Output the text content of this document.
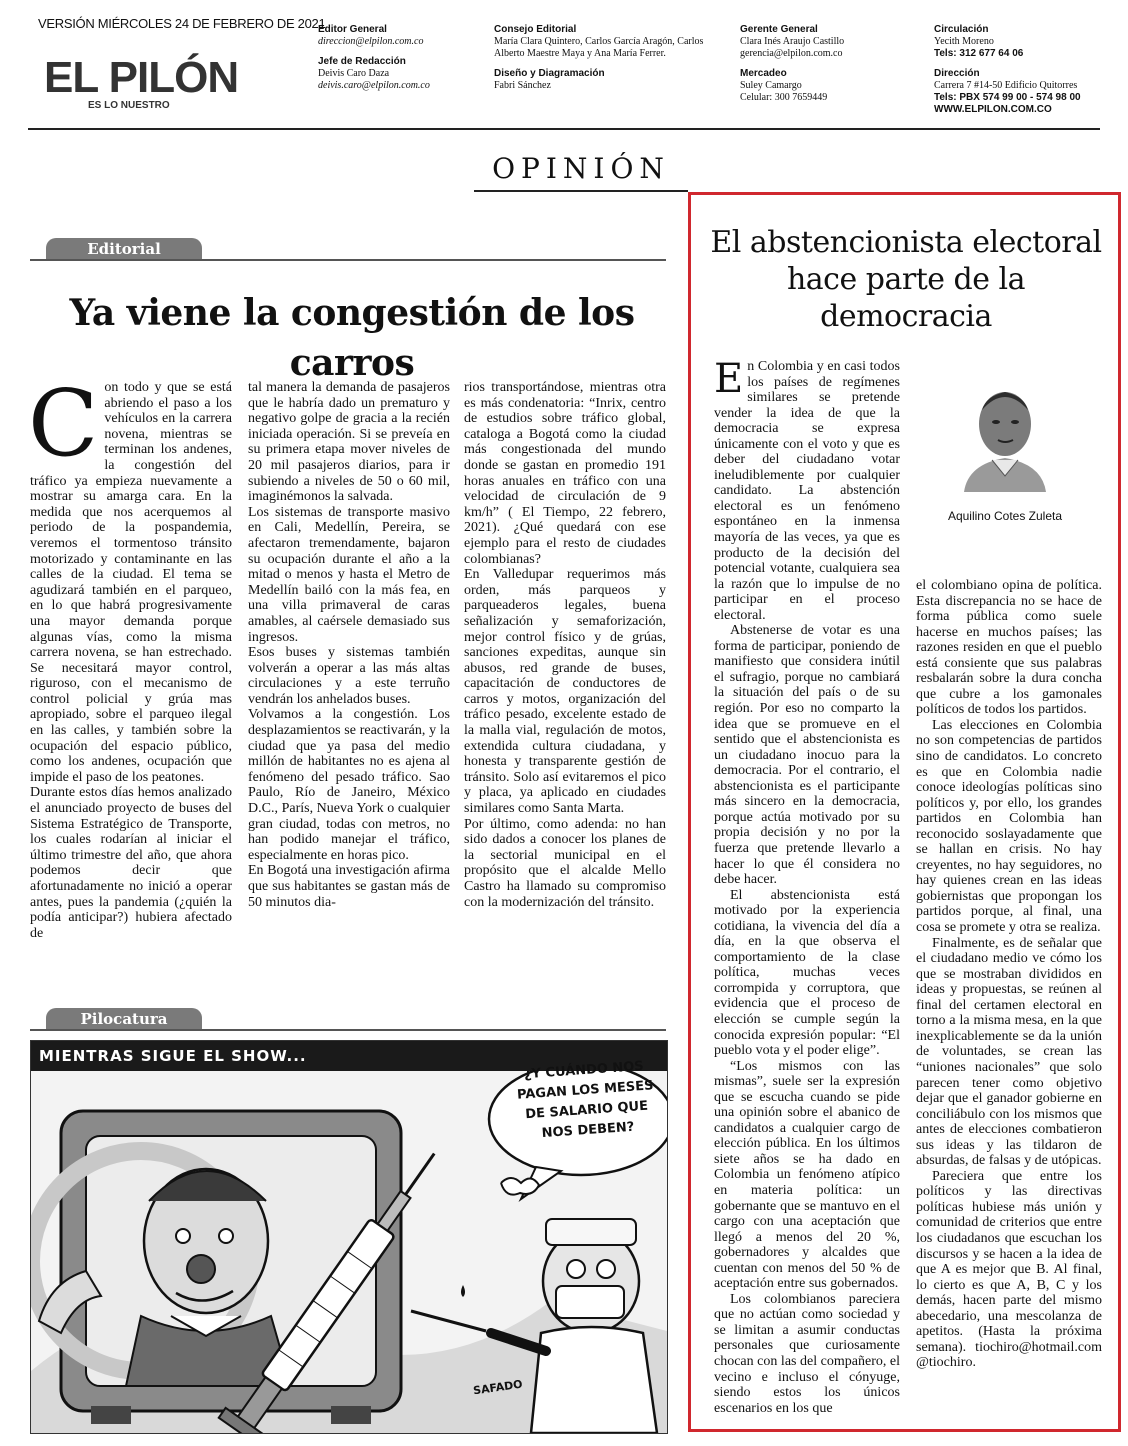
VERSIÓN MIÉRCOLES 24 DE FEBRERO DE 2021
EL PILÓN
ES LO NUESTRO
Editor General
direccion@elpilon.com.co
Jefe de Redacción
Deivis Caro Daza
deivis.caro@elpilon.com.co
Consejo Editorial
María Clara Quintero, Carlos García Aragón, Carlos Alberto Maestre Maya y Ana María Ferrer.
Diseño y Diagramación
Fabri Sánchez
Gerente General
Clara Inés Araujo Castillo
gerencia@elpilon.com.co
Mercadeo
Suley Camargo
Celular: 300 7659449
Circulación
Yecith Moreno
Tels: 312 677 64 06
Dirección
Carrera 7 #14-50 Edificio Quitorres
Tels: PBX 574 99 00 - 574 98 00
WWW.ELPILON.COM.CO
OPINIÓN
Editorial
Ya viene la congestión de los carros
C on todo y que se está abriendo el paso a los vehículos en la carrera novena, mientras se terminan los andenes, la congestión del tráfico ya empieza nuevamente a mostrar su amarga cara. En la medida que nos acerquemos al periodo de la pospandemia, veremos el tormentoso tránsito motorizado y contaminante en las calles de la ciudad. El tema se agudizará también en el parqueo, en lo que habrá progresivamente una mayor demanda porque algunas vías, como la misma carrera novena, se han estrechado. Se necesitará mayor control, riguroso, con el mecanismo de control policial y grúa mas apropiado, sobre el parqueo ilegal en las calles, y también sobre la ocupación del espacio público, como los andenes, ocupación que impide el paso de los peatones.

Durante estos días hemos analizado el anunciado proyecto de buses del Sistema Estratégico de Transporte, los cuales rodarían al iniciar el último trimestre del año, que ahora podemos decir que afortunadamente no inició a operar antes, pues la pandemia (¿quién la podía anticipar?) hubiera afectado de

tal manera la demanda de pasajeros que le habría dado un prematuro y negativo golpe de gracia a la recién iniciada operación. Si se preveía en su primera etapa mover niveles de 20 mil pasajeros diarios, para ir subiendo a niveles de 50 o 60 mil, imaginémonos la salvada.

Los sistemas de transporte masivo en Cali, Medellín, Pereira, se afectaron tremendamente, bajaron su ocupación durante el año a la mitad o menos y hasta el Metro de Medellín bailó con la más fea, en una villa primaveral de caras amables, al caérsele demasiado sus ingresos.

Esos buses y sistemas también volverán a operar a las más altas circulaciones y a este terruño vendrán los anhelados buses.

Volvamos a la congestión. Los desplazamientos se reactivarán, y la ciudad que ya pasa del medio millón de habitantes no es ajena al fenómeno del pesado tráfico. Sao Paulo, Río de Janeiro, México D.C., París, Nueva York o cualquier gran ciudad, todas con metros, no han podido manejar el tráfico, especialmente en horas pico.

En Bogotá una investigación afirma que sus habitantes se gastan más de 50 minutos dia-

rios transportándose, mientras otra es más condenatoria: “Inrix, centro de estudios sobre tráfico global, cataloga a Bogotá como la ciudad más congestionada del mundo donde se gastan en promedio 191 horas anuales en tráfico con una velocidad de circulación de 9 km/h” ( El Tiempo, 22 febrero, 2021). ¿Qué quedará con ese ejemplo para el resto de ciudades colombianas?

En Valledupar requerimos más orden, más parqueos y parqueaderos legales, buena señalización y semaforización, mejor control físico y de grúas, sanciones expeditas, aunque sin abusos, red grande de buses, capacitación de conductores de carros y motos, organización del tráfico pesado, excelente estado de la malla vial, regulación de motos, extendida cultura ciudadana, y honesta y transparente gestión de tránsito. Solo así evitaremos el pico y placa, ya aplicado en ciudades similares como Santa Marta.

Por último, como adenda: no han sido dados a conocer los planes de la sectorial municipal en el propósito que el alcalde Mello Castro ha llamado su compromiso con la modernización del tránsito.

Pilocatura
MIENTRAS SIGUE EL SHOW...
¿Y CUÁNDO NOS PAGAN LOS MESES DE SALARIO QUE NOS DEBEN?
SAFADO
El abstencionista electoral hace parte de la democracia
Aquilino Cotes Zuleta
E n Colombia y en casi todos los países de regímenes similares se pretende vender la idea de que la democracia se expresa únicamente con el voto y que es deber del ciudadano votar ineludiblemente por cualquier candidato. La abstención electoral es un fenómeno espontáneo en la inmensa mayoría de las veces, ya que es producto de la decisión del potencial votante, cualquiera sea la razón que lo impulse de no participar en el proceso electoral.

Abstenerse de votar es una forma de participar, poniendo de manifiesto que considera inútil el sufragio, porque no cambiará la situación del país o de su región. Por eso no comparto la idea que se promueve en el sentido que el abstencionista es un ciudadano inocuo para la democracia. Por el contrario, el abstencionista es el participante más sincero en la democracia, porque actúa motivado por su propia decisión y no por la fuerza que pretende llevarlo a hacer lo que él considera no debe hacer.

El abstencionista está motivado por la experiencia cotidiana, la vivencia del día a día, en la que observa el comportamiento de la clase política, muchas veces corrompida y corruptora, que evidencia que el proceso de elección se cumple según la conocida expresión popular: “El pueblo vota y el poder elige”.

“Los mismos con las mismas”, suele ser la expresión que se escucha cuando se pide una opinión sobre el abanico de candidatos a cualquier cargo de elección pública. En los últimos siete años se ha dado en Colombia un fenómeno atípico en materia política: un gobernante que se mantuvo en el cargo con una aceptación que llegó a menos del 20 %, gobernadores y alcaldes que cuentan con menos del 50 % de aceptación entre sus gobernados.

Los colombianos pareciera que no actúan como sociedad y se limitan a asumir conductas personales que curiosamente chocan con las del compañero, el vecino e incluso el cónyuge, siendo estos los únicos escenarios en los que

el colombiano opina de política. Esta discrepancia no se hace de forma pública como suele hacerse en muchos países; las razones residen en que el pueblo está consiente que sus palabras resbalarán sobre la dura concha que cubre a los gamonales políticos de todos los partidos.

Las elecciones en Colombia no son competencias de partidos sino de candidatos. Lo concreto es que en Colombia nadie conoce ideologías políticas sino políticos y, por ello, los grandes partidos en Colombia han reconocido soslayadamente que se hallan en crisis. No hay creyentes, no hay seguidores, no hay quienes crean en las ideas gobiernistas que propongan los partidos porque, al final, una cosa se promete y otra se realiza.

Finalmente, es de señalar que el ciudadano medio ve cómo los que se mostraban divididos en ideas y propuestas, se reúnen al final del certamen electoral en torno a la misma mesa, en la que inexplicablemente se da la unión de voluntades, se crean las “uniones nacionales” que solo parecen tener como objetivo dejar que el ganador gobierne en conciliábulo con los mismos que antes de elecciones combatieron sus ideas y las tildaron de absurdas, de falsas y de utópicas.

Pareciera que entre los políticos y las directivas políticas hubiese más unión y comunidad de criterios que entre los ciudadanos que escuchan los discursos y se hacen a la idea de que A es mejor que B. Al final, lo cierto es que A, B, C y los demás, hacen parte del mismo abecedario, una mescolanza de apetitos. (Hasta la próxima semana). tiochiro@hotmail.com @tiochiro.
